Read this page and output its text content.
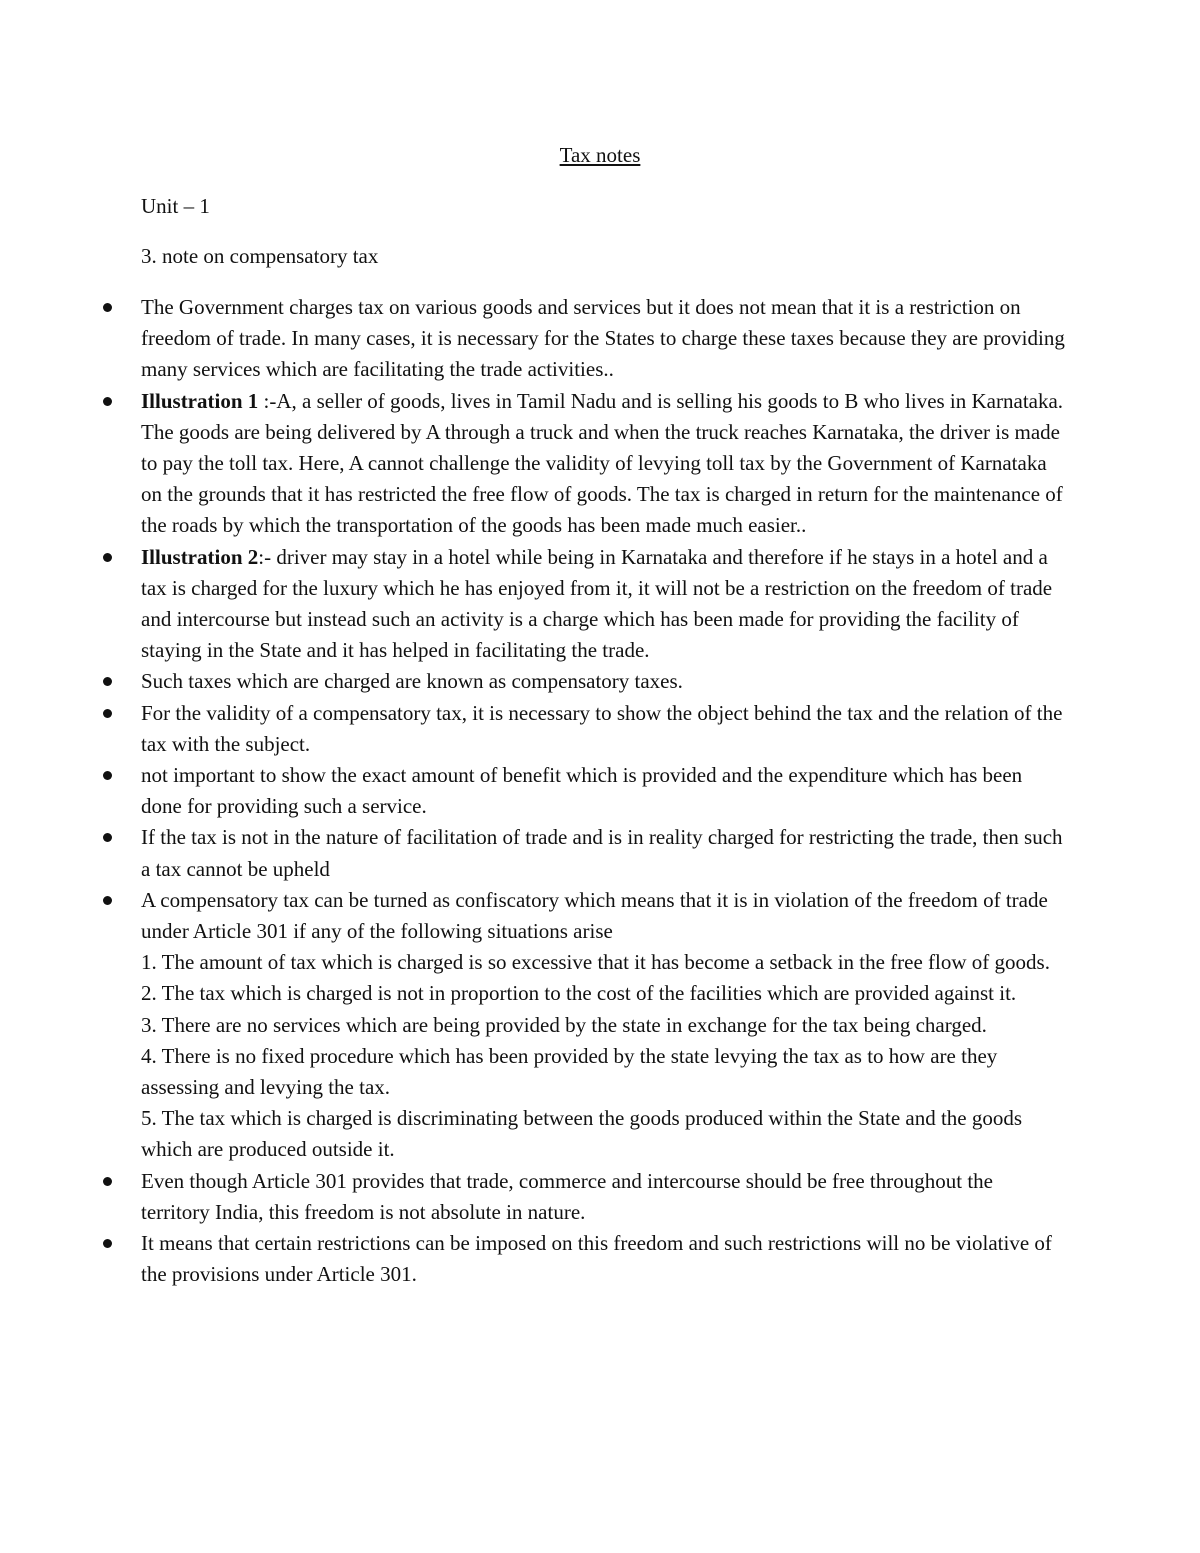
Tax notes
Unit – 1
3. note on compensatory tax
The Government charges tax on various goods and services but it does not mean that it is a restriction on freedom of trade. In many cases, it is necessary for the States to charge these taxes because they are providing many services which are facilitating the trade activities..
Illustration 1 :-A, a seller of goods, lives in Tamil Nadu and is selling his goods to B who lives in Karnataka. The goods are being delivered by A through a truck and when the truck reaches Karnataka, the driver is made to pay the toll tax. Here, A cannot challenge the validity of levying toll tax by the Government of Karnataka on the grounds that it has restricted the free flow of goods. The tax is charged in return for the maintenance of the roads by which the transportation of the goods has been made much easier..
Illustration 2:- driver may stay in a hotel while being in Karnataka and therefore if he stays in a hotel and a tax is charged for the luxury which he has enjoyed from it, it will not be a restriction on the freedom of trade and intercourse but instead such an activity is a charge which has been made for providing the facility of staying in the State and it has helped in facilitating the trade.
Such taxes which are charged are known as compensatory taxes.
For the validity of a compensatory tax, it is necessary to show the object behind the tax and the relation of the tax with the subject.
not important to show the exact amount of benefit which is provided and the expenditure which has been done for providing such a service.
If the tax is not in the nature of facilitation of trade and is in reality charged for restricting the trade, then such a tax cannot be upheld
A compensatory tax can be turned as confiscatory which means that it is in violation of the freedom of trade under Article 301 if any of the following situations arise
1. The amount of tax which is charged is so excessive that it has become a setback in the free flow of goods.
2. The tax which is charged is not in proportion to the cost of the facilities which are provided against it.
3. There are no services which are being provided by the state in exchange for the tax being charged.
4. There is no fixed procedure which has been provided by the state levying the tax as to how are they assessing and levying the tax.
5. The tax which is charged is discriminating between the goods produced within the State and the goods which are produced outside it.
Even though Article 301 provides that trade, commerce and intercourse should be free throughout the territory India, this freedom is not absolute in nature.
It means that certain restrictions can be imposed on this freedom and such restrictions will no be violative of the provisions under Article 301.
